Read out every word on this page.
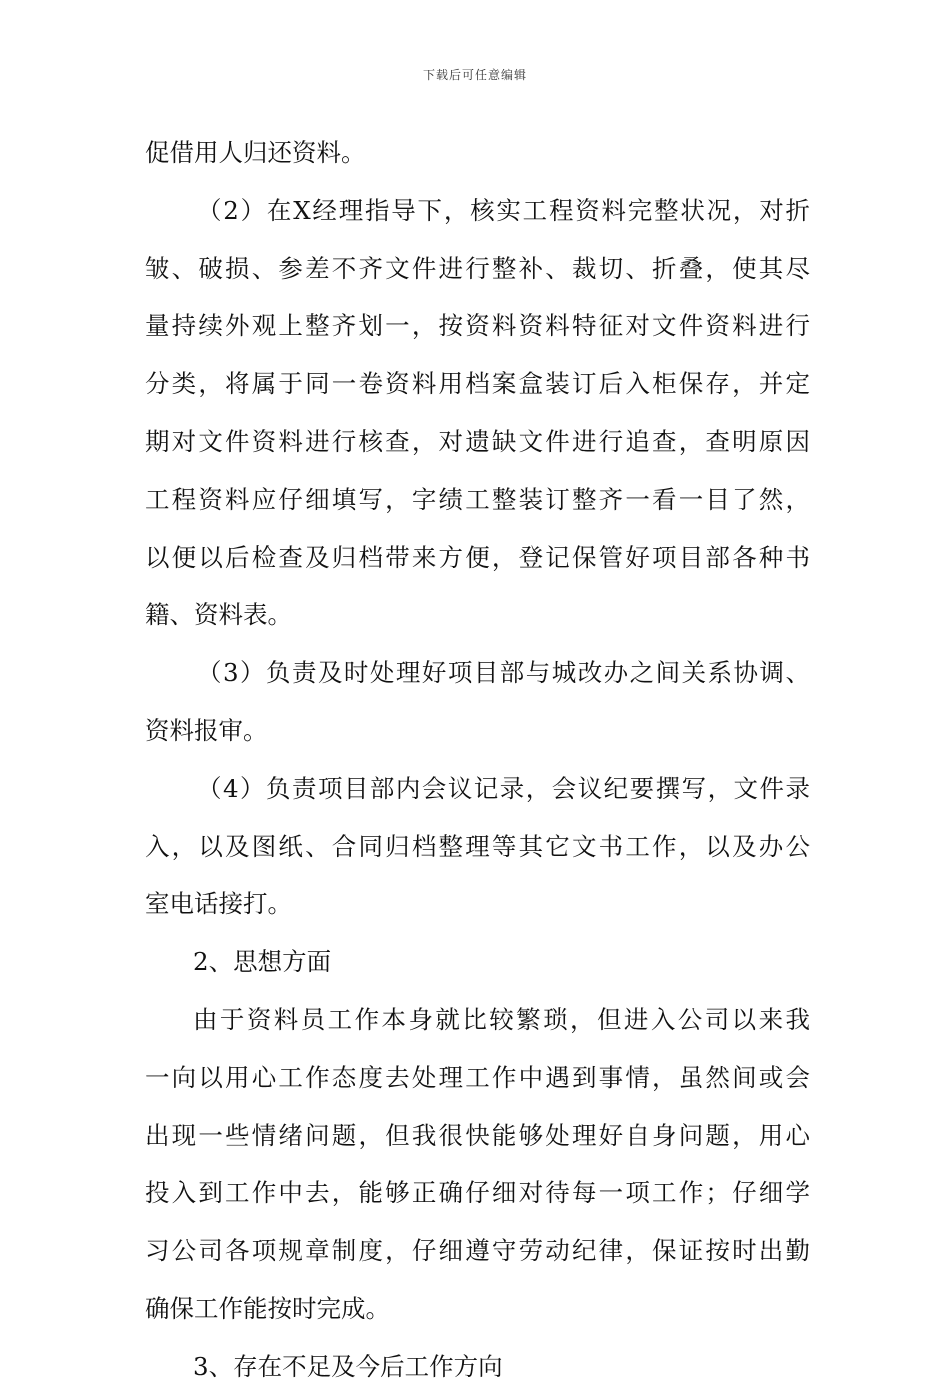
下载后可任意编辑
促借用人归还资料。
（2）在X经理指导下，核实工程资料完整状况，对折
皱、破损、参差不齐文件进行整补、裁切、折叠，使其尽
量持续外观上整齐划一，按资料资料特征对文件资料进行
分类，将属于同一卷资料用档案盒装订后入柜保存，并定
期对文件资料进行核查，对遗缺文件进行追查，查明原因
工程资料应仔细填写，字绩工整装订整齐一看一目了然，
以便以后检查及归档带来方便，登记保管好项目部各种书
籍、资料表。
（3）负责及时处理好项目部与城改办之间关系协调、
资料报审。
（4）负责项目部内会议记录，会议纪要撰写，文件录
入，以及图纸、合同归档整理等其它文书工作，以及办公
室电话接打。
2、思想方面
由于资料员工作本身就比较繁琐，但进入公司以来我
一向以用心工作态度去处理工作中遇到事情，虽然间或会
出现一些情绪问题，但我很快能够处理好自身问题，用心
投入到工作中去，能够正确仔细对待每一项工作；仔细学
习公司各项规章制度，仔细遵守劳动纪律，保证按时出勤
确保工作能按时完成。
3、存在不足及今后工作方向
